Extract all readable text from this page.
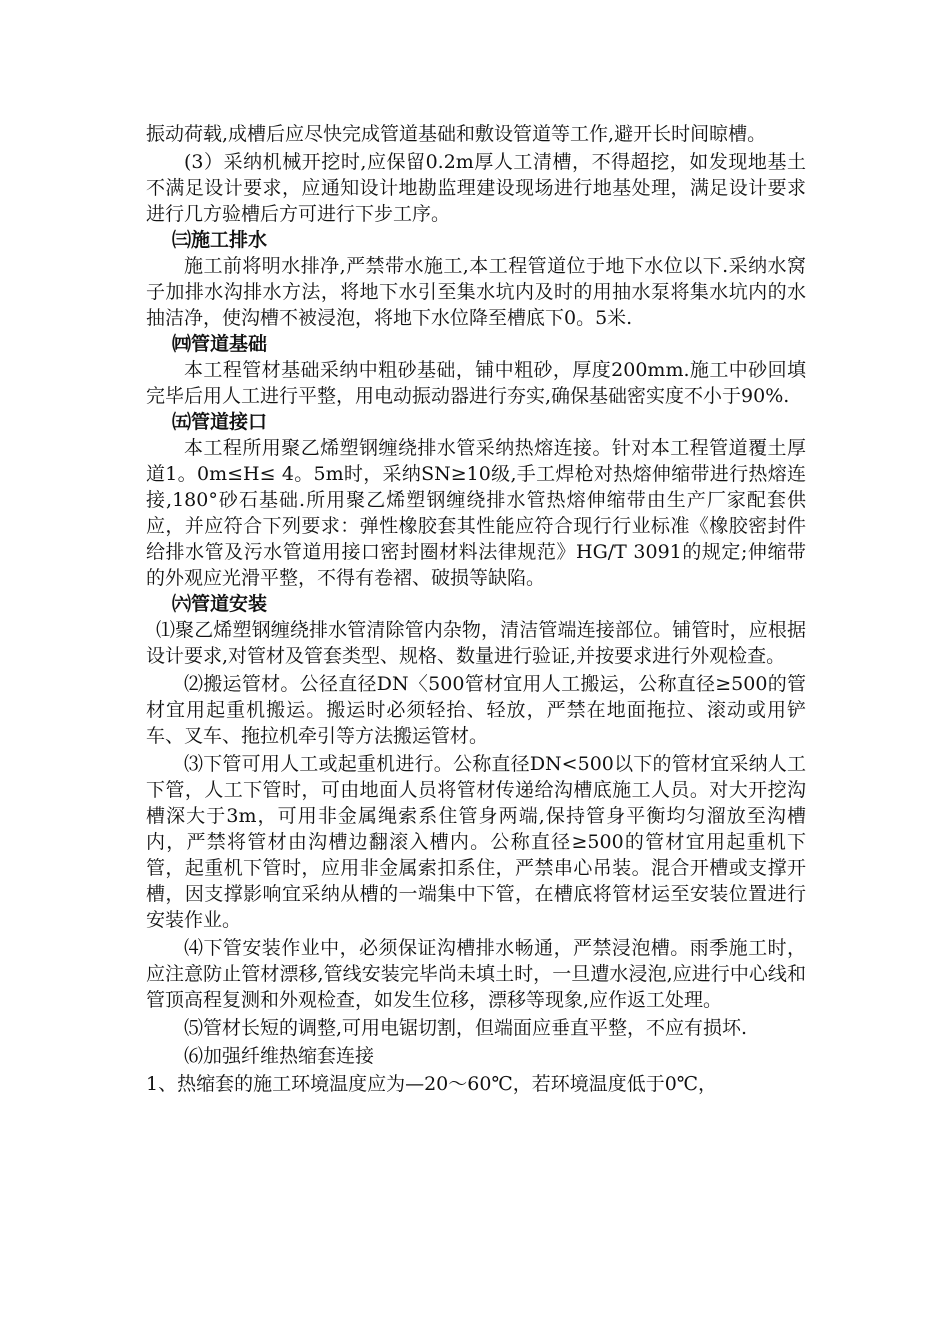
振动荷载,成槽后应尽快完成管道基础和敷设管道等工作,避开长时间晾槽。

(3）采纳机械开挖时,应保留0.2m厚人工清槽，不得超挖，如发现地基土不满足设计要求，应通知设计地勘监理建设现场进行地基处理，满足设计要求进行几方验槽后方可进行下步工序。

㈢施工排水

施工前将明水排净,严禁带水施工,本工程管道位于地下水位以下.采纳水窝子加排水沟排水方法，将地下水引至集水坑内及时的用抽水泵将集水坑内的水抽洁净，使沟槽不被浸泡，将地下水位降至槽底下0。5米.

㈣管道基础

本工程管材基础采纳中粗砂基础，铺中粗砂，厚度200mm.施工中砂回填完毕后用人工进行平整，用电动振动器进行夯实,确保基础密实度不小于90%.

㈤管道接口

本工程所用聚乙烯塑钢缠绕排水管采纳热熔连接。针对本工程管道覆土厚道1。0m≤H≤ 4。5m时，采纳SN≥10级,手工焊枪对热熔伸缩带进行热熔连接,180°砂石基础.所用聚乙烯塑钢缠绕排水管热熔伸缩带由生产厂家配套供应，并应符合下列要求：弹性橡胶套其性能应符合现行行业标准《橡胶密封件给排水管及污水管道用接口密封圈材料法律规范》HG/T 3091的规定;伸缩带的外观应光滑平整，不得有卷褶、破损等缺陷。

㈥管道安装

⑴聚乙烯塑钢缠绕排水管清除管内杂物，清洁管端连接部位。铺管时，应根据设计要求,对管材及管套类型、规格、数量进行验证,并按要求进行外观检查。

⑵搬运管材。公径直径DN〈500管材宜用人工搬运，公称直径≥500的管材宜用起重机搬运。搬运时必须轻抬、轻放，严禁在地面拖拉、滚动或用铲车、叉车、拖拉机牵引等方法搬运管材。

⑶下管可用人工或起重机进行。公称直径DN<500以下的管材宜采纳人工下管，人工下管时，可由地面人员将管材传递给沟槽底施工人员。对大开挖沟槽深大于3m，可用非金属绳索系住管身两端,保持管身平衡均匀溜放至沟槽内，严禁将管材由沟槽边翻滚入槽内。公称直径≥500的管材宜用起重机下管，起重机下管时，应用非金属索扣系住，严禁串心吊装。混合开槽或支撑开槽，因支撑影响宜采纳从槽的一端集中下管，在槽底将管材运至安装位置进行安装作业。

⑷下管安装作业中，必须保证沟槽排水畅通，严禁浸泡槽。雨季施工时，应注意防止管材漂移,管线安装完毕尚未填土时，一旦遭水浸泡,应进行中心线和管顶高程复测和外观检查，如发生位移，漂移等现象,应作返工处理。

⑸管材长短的调整,可用电锯切割，但端面应垂直平整，不应有损坏.

⑹加强纤维热缩套连接

1、热缩套的施工环境温度应为—20～60℃，若环境温度低于0℃，
